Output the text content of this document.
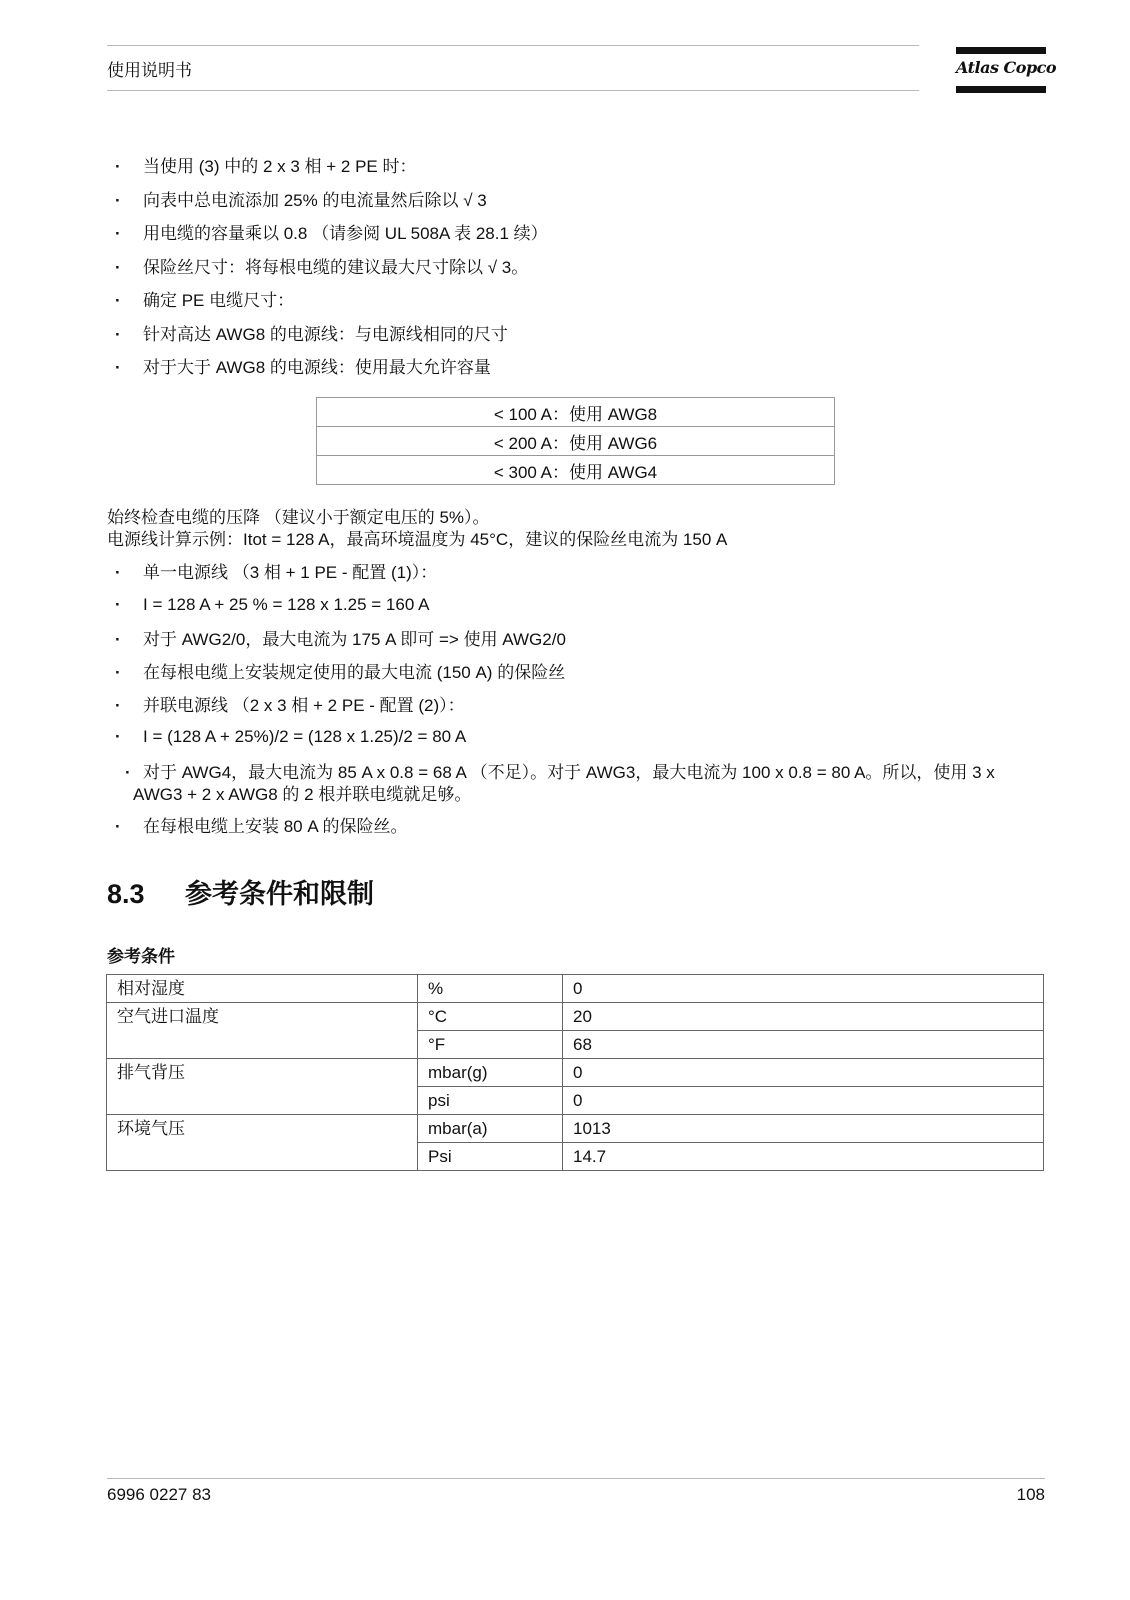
使用说明书	Atlas Copco
· 当使用 (3) 中的 2 x 3 相 + 2 PE 时：
· 向表中总电流添加 25% 的电流量然后除以 √ 3
· 用电缆的容量乘以 0.8 （请参阅 UL 508A 表 28.1 续）
· 保险丝尺寸：将每根电缆的建议最大尺寸除以 √ 3。
· 确定 PE 电缆尺寸：
· 针对高达 AWG8 的电源线：与电源线相同的尺寸
· 对于大于 AWG8 的电源线：使用最大允许容量
< 100 A：使用 AWG8
< 200 A：使用 AWG6
< 300 A：使用 AWG4
始终检查电缆的压降 （建议小于额定电压的 5%）。
电源线计算示例：Itot = 128 A，最高环境温度为 45°C，建议的保险丝电流为 150 A
· 单一电源线 （3 相 + 1 PE - 配置 (1)）：
· I = 128 A + 25 % = 128 x 1.25 = 160 A
· 对于 AWG2/0，最大电流为 175 A 即可 => 使用 AWG2/0
· 在每根电缆上安装规定使用的最大电流 (150 A) 的保险丝
· 并联电源线 （2 x 3 相 + 2 PE - 配置 (2)）：
· I = (128 A + 25%)/2 = (128 x 1.25)/2 = 80 A
· 对于 AWG4，最大电流为 85 A x 0.8 = 68 A （不足）。对于 AWG3，最大电流为 100 x 0.8 = 80 A。所以，使用 3 x AWG3 + 2 x AWG8 的 2 根并联电缆就足够。
· 在每根电缆上安装 80 A 的保险丝。
8.3 参考条件和限制
参考条件
相对湿度	%	0
空气进口温度	°C	20
	°F	68
排气背压	mbar(g)	0
	psi	0
环境气压	mbar(a)	1013
	Psi	14.7
6996 0227 83	108
